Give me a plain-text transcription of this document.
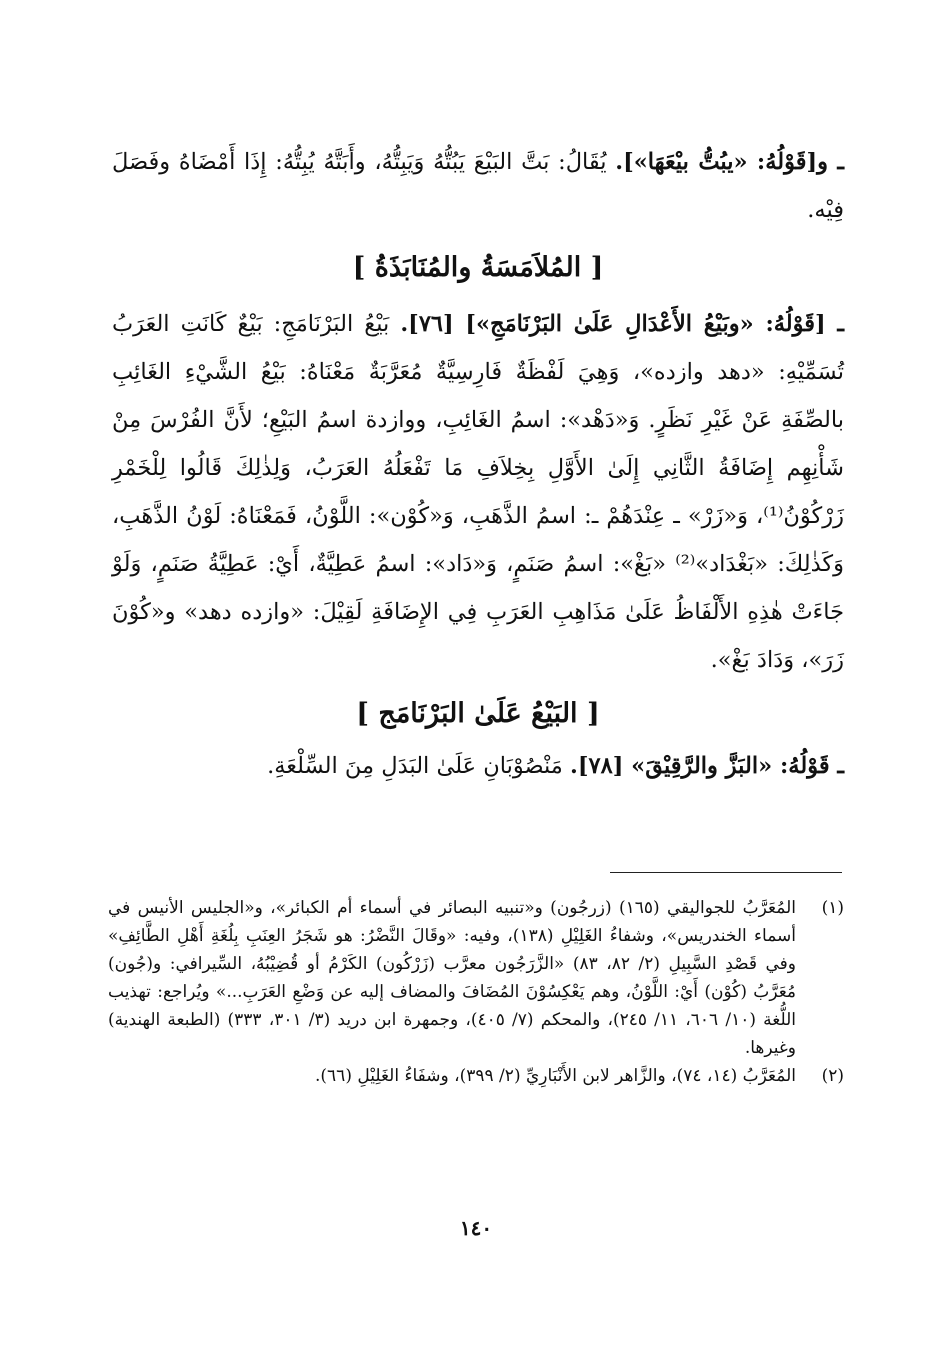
ـ و[قَوْلُهُ: «يبُتُّ بيْعَهَا»]. يُقَالُ: بَتَّ البَيْعَ يَبُتُّهُ وَيَبِتُّهُ، وأَبَتَّهُ يُبِتُّهُ: إِذَا أَمْضَاهُ وفَصَلَ فِيْه.

[ المُلاَمَسَةُ والمُنَابَذَةُ ]

ـ [قَوْلُهُ: «وبَيْعُ الأَعْدَالِ عَلَىٰ البَرْنَامَجِ»] [٧٦]. بَيْعُ البَرْنَامَجِ: بَيْعٌ كَانَتِ العَرَبُ تُسَمِّيْهِ: «دهد وازده»، وَهِيَ لَفْظَةٌ فَارِسِيَّةٌ مُعَرَّبَةٌ مَعْنَاهُ: بَيْعُ الشَّيْءِ الغَائِبِ بالصِّفَةِ عَنْ غَيْرِ نَظَرٍ. وَ«دَهْد»: اسمُ الغَائِبِ، ووازدة اسمُ البَيْعِ؛ لأَنَّ الفُرْسَ مِنْ شَأْنِهِم إِضَافَةُ الثَّانِي إِلَىٰ الأَوَّلِ بِخِلاَفِ مَا تَفْعَلُهُ العَرَبُ، وَلِذٰلِكَ قَالُوا لِلْخَمْرِ زَرْكُوْنُ⁽¹⁾، وَ«زَرْ» ـ عِنْدَهُمْ ـ: اسمُ الذَّهَبِ، وَ«كُوْن»: اللَّوْنُ، فَمَعْنَاهُ: لَوْنُ الذَّهَبِ، وَكَذٰلِكَ: «بَغْدَاد»⁽²⁾ «بَغْ»: اسمُ صَنَمٍ، وَ«دَاد»: اسمُ عَطِيَّةٌ، أَيْ: عَطِيَّةُ صَنَمٍ، وَلَوْ جَاءَتْ هٰذِهِ الأَلْفَاظُ عَلَىٰ مَذَاهِبِ العَرَبِ فِي الإِضَافَةِ لَقِيْلَ: «وازده دهد» و«كُوْنَ زَرَ»، وَدَادَ بَغْ».

[ البَيْعُ عَلَىٰ البَرْنَامَج ]

ـ قَوْلُهُ: «البَزَّ والرَّقِيْقَ» [٧٨]. مَنْصُوْبَانِ عَلَىٰ البَدَلِ مِنَ السِّلْعَةِ.

(١)
المُعَرَّبُ للجواليقي (١٦٥) (زرجُون) و«تنبيه البصائر في أسماء أم الكبائر»، و«الجليس الأنيس في أسماء الخندريس»، وشفاءُ الغَلِيْلِ (١٣٨)، وفيه: «وقَالَ النَّضْرُ: هو شَجَرُ العِنَبِ بِلُغَةِ أَهْلِ الطَّائِفِ» وفي قَصْدِ السَّبِيلِ (٢/ ٨٢، ٨٣) «الزَّرَجُون معرَّب (زَرْكُون) الكَرْمُ أو قُضِيْبُهُ، السِّيرافي: و(جُون) مُعَرَّبُ (كُوْن) أَيْ: اللَّوْنُ، وهم يَعْكِسُوْنَ المُضَافَ والمضاف إليه عن وَضْعِ العَرَبِ...» ويُراجع: تهذيب اللُّغة (١٠/ ٦٠٦، ١١/ ٢٤٥)، والمحكم (٧/ ٤٠٥)، وجمهرة ابن دريد (٣/ ٣٠١، ٣٣٣) (الطبعة الهندية) وغيرها.
(٢)
المُعَرَّبُ (١٤، ٧٤)، والزَّاهر لابن الأَنْبَارِيِّ (٢/ ٣٩٩)، وشفَاءُ الغَلِيْلِ (٦٦).
١٤٠
